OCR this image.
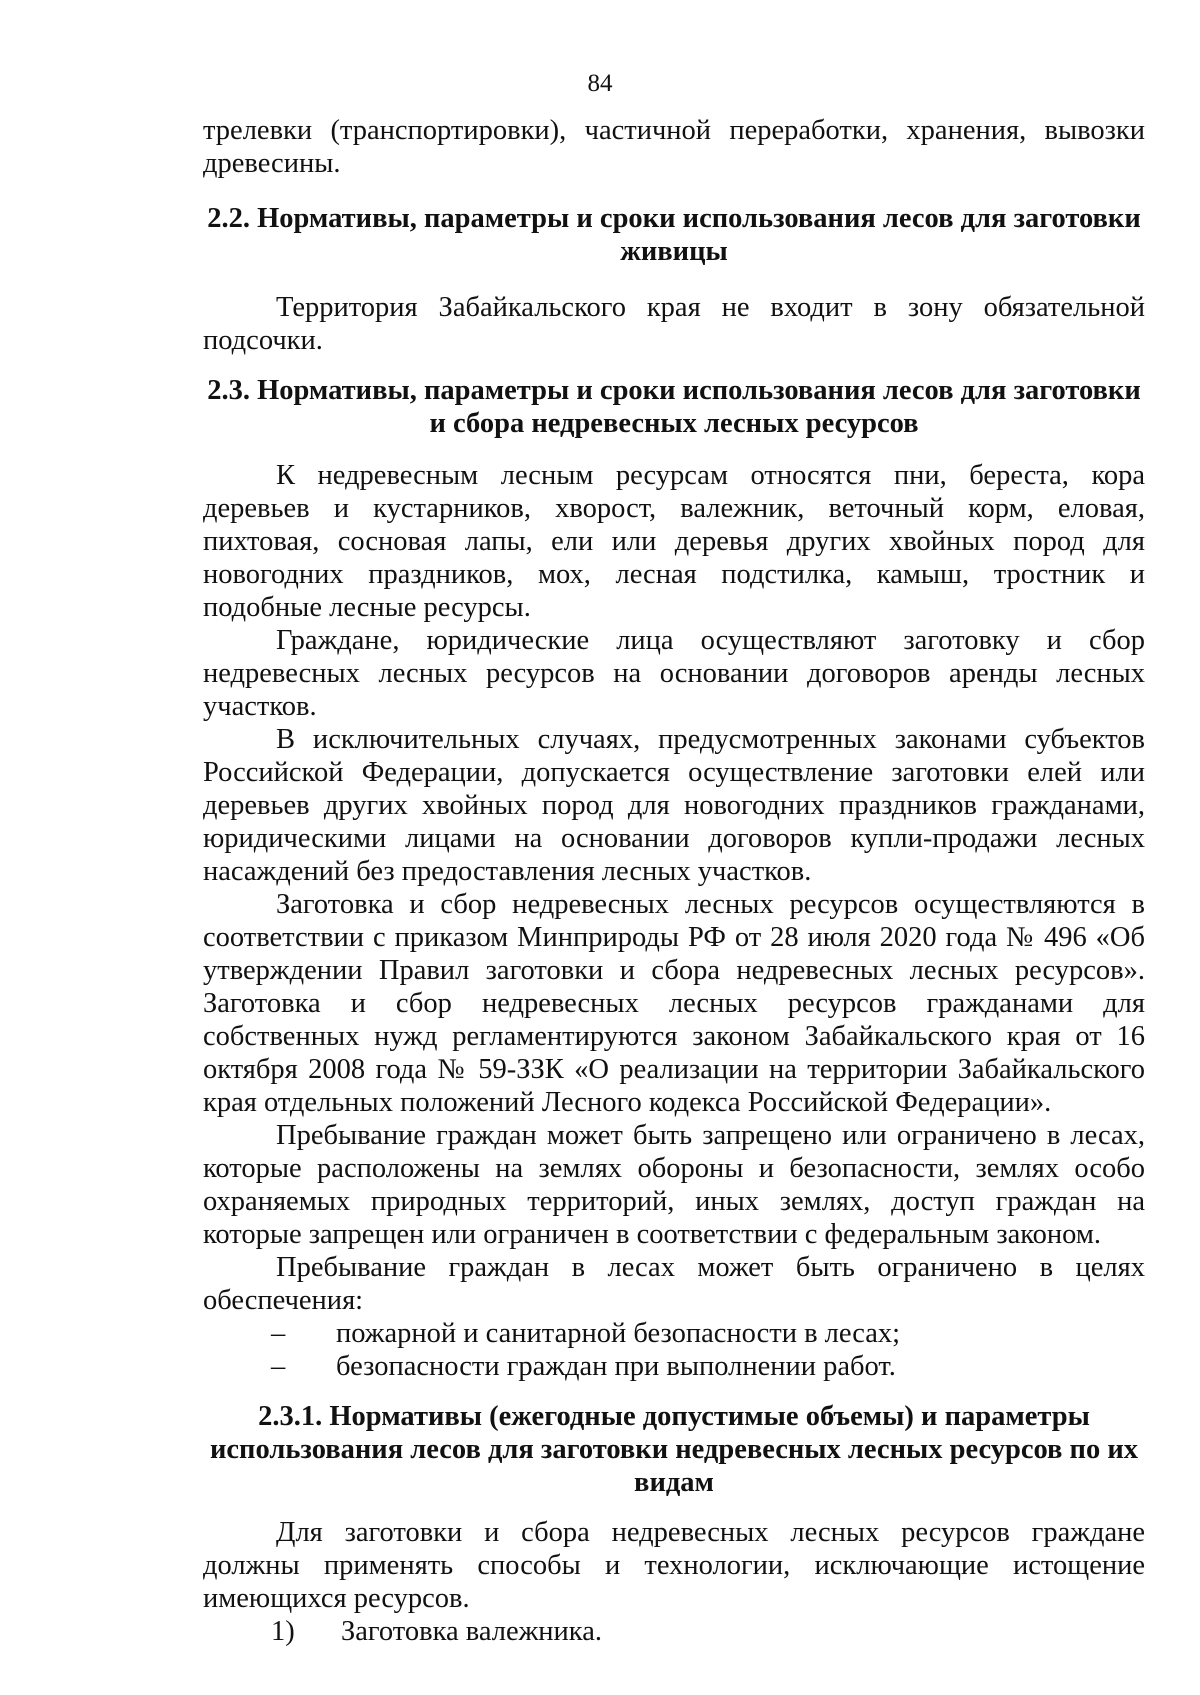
84

трелевки (транспортировки), частичной переработки, хранения, вывозки древесины.

2.2. Нормативы, параметры и сроки использования лесов для заготовки живицы

Территория Забайкальского края не входит в зону обязательной подсочки.

2.3. Нормативы, параметры и сроки использования лесов для заготовки и сбора недревесных лесных ресурсов

К недревесным лесным ресурсам относятся пни, береста, кора деревьев и кустарников, хворост, валежник, веточный корм, еловая, пихтовая, сосновая лапы, ели или деревья других хвойных пород для новогодних праздников, мох, лесная подстилка, камыш, тростник и подобные лесные ресурсы.

Граждане, юридические лица осуществляют заготовку и сбор недревесных лесных ресурсов на основании договоров аренды лесных участков.

В исключительных случаях, предусмотренных законами субъектов Российской Федерации, допускается осуществление заготовки елей или деревьев других хвойных пород для новогодних праздников гражданами, юридическими лицами на основании договоров купли-продажи лесных насаждений без предоставления лесных участков.

Заготовка и сбор недревесных лесных ресурсов осуществляются в соответствии с приказом Минприроды РФ от 28 июля 2020 года № 496 «Об утверждении Правил заготовки и сбора недревесных лесных ресурсов». Заготовка и сбор недревесных лесных ресурсов гражданами для собственных нужд регламентируются законом Забайкальского края от 16 октября 2008 года № 59-ЗЗК «О реализации на территории Забайкальского края отдельных положений Лесного кодекса Российской Федерации».

Пребывание граждан может быть запрещено или ограничено в лесах, которые расположены на землях обороны и безопасности, землях особо охраняемых природных территорий, иных землях, доступ граждан на которые запрещен или ограничен в соответствии с федеральным законом.

Пребывание граждан в лесах может быть ограничено в целях обеспечения:

–	пожарной и санитарной безопасности в лесах;
–	безопасности граждан при выполнении работ.
2.3.1. Нормативы (ежегодные допустимые объемы) и параметры использования лесов для заготовки недревесных лесных ресурсов по их видам

Для заготовки и сбора недревесных лесных ресурсов граждане должны применять способы и технологии, исключающие истощение имеющихся ресурсов.

1)	Заготовка валежника.
